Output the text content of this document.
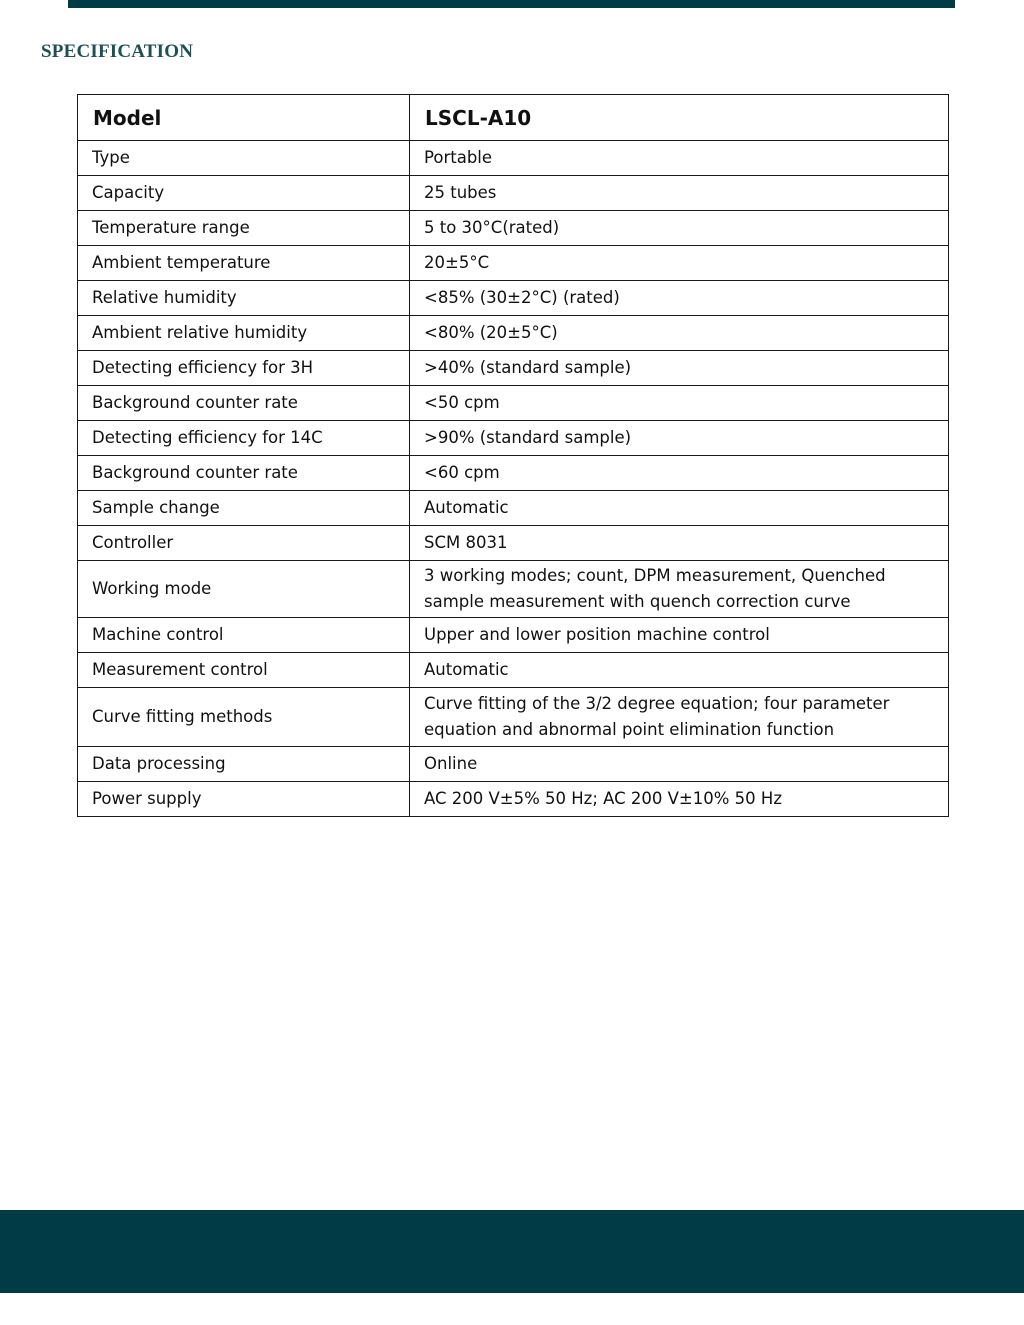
SPECIFICATION
Model	LSCL-A10
Type	Portable
Capacity	25 tubes
Temperature range	5 to 30°C(rated)
Ambient temperature	20±5°C
Relative humidity	<85% (30±2°C) (rated)
Ambient relative humidity	<80% (20±5°C)
Detecting efficiency for 3H	>40% (standard sample)
Background counter rate	<50 cpm
Detecting efficiency for 14C	>90% (standard sample)
Background counter rate	<60 cpm
Sample change	Automatic
Controller	SCM 8031
Working mode	3 working modes; count, DPM measurement, Quenched sample measurement with quench correction curve
Machine control	Upper and lower position machine control
Measurement control	Automatic
Curve fitting methods	Curve fitting of the 3/2 degree equation; four parameter equation and abnormal point elimination function
Data processing	Online
Power supply	AC 200 V±5% 50 Hz; AC 200 V±10% 50 Hz
